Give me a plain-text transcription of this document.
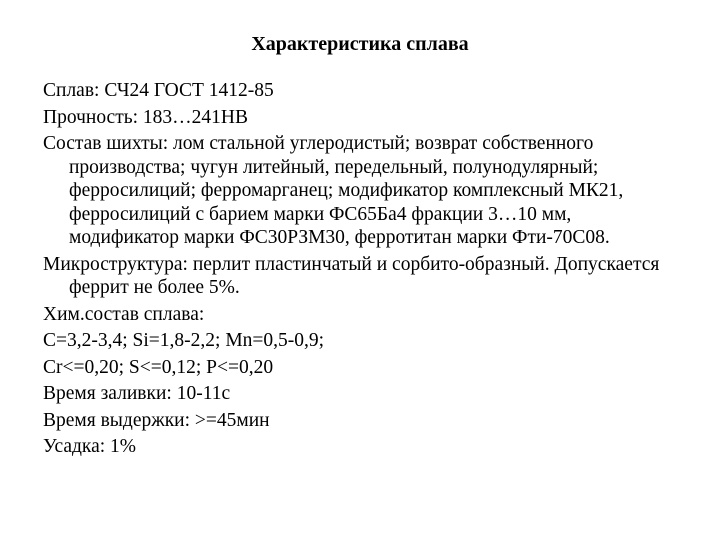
Характеристика сплава

Сплав: СЧ24 ГОСТ 1412-85

Прочность: 183…241НВ

Состав шихты: лом стальной углеродистый; возврат собственного производства; чугун литейный, передельный, полунодулярный; ферросилиций; ферромарганец; модификатор комплексный МК21, ферросилиций с барием марки ФС65Ба4 фракции 3…10 мм, модификатор марки ФС30РЗМ30, ферротитан марки Фти-70С08.

Микроструктура: перлит пластинчатый и сорбито-образный. Допускается феррит не более 5%.

Хим.состав сплава:

C=3,2-3,4; Si=1,8-2,2; Mn=0,5-0,9;

Cr<=0,20; S<=0,12; P<=0,20

Время заливки: 10-11с

Время выдержки: >=45мин

Усадка: 1%
